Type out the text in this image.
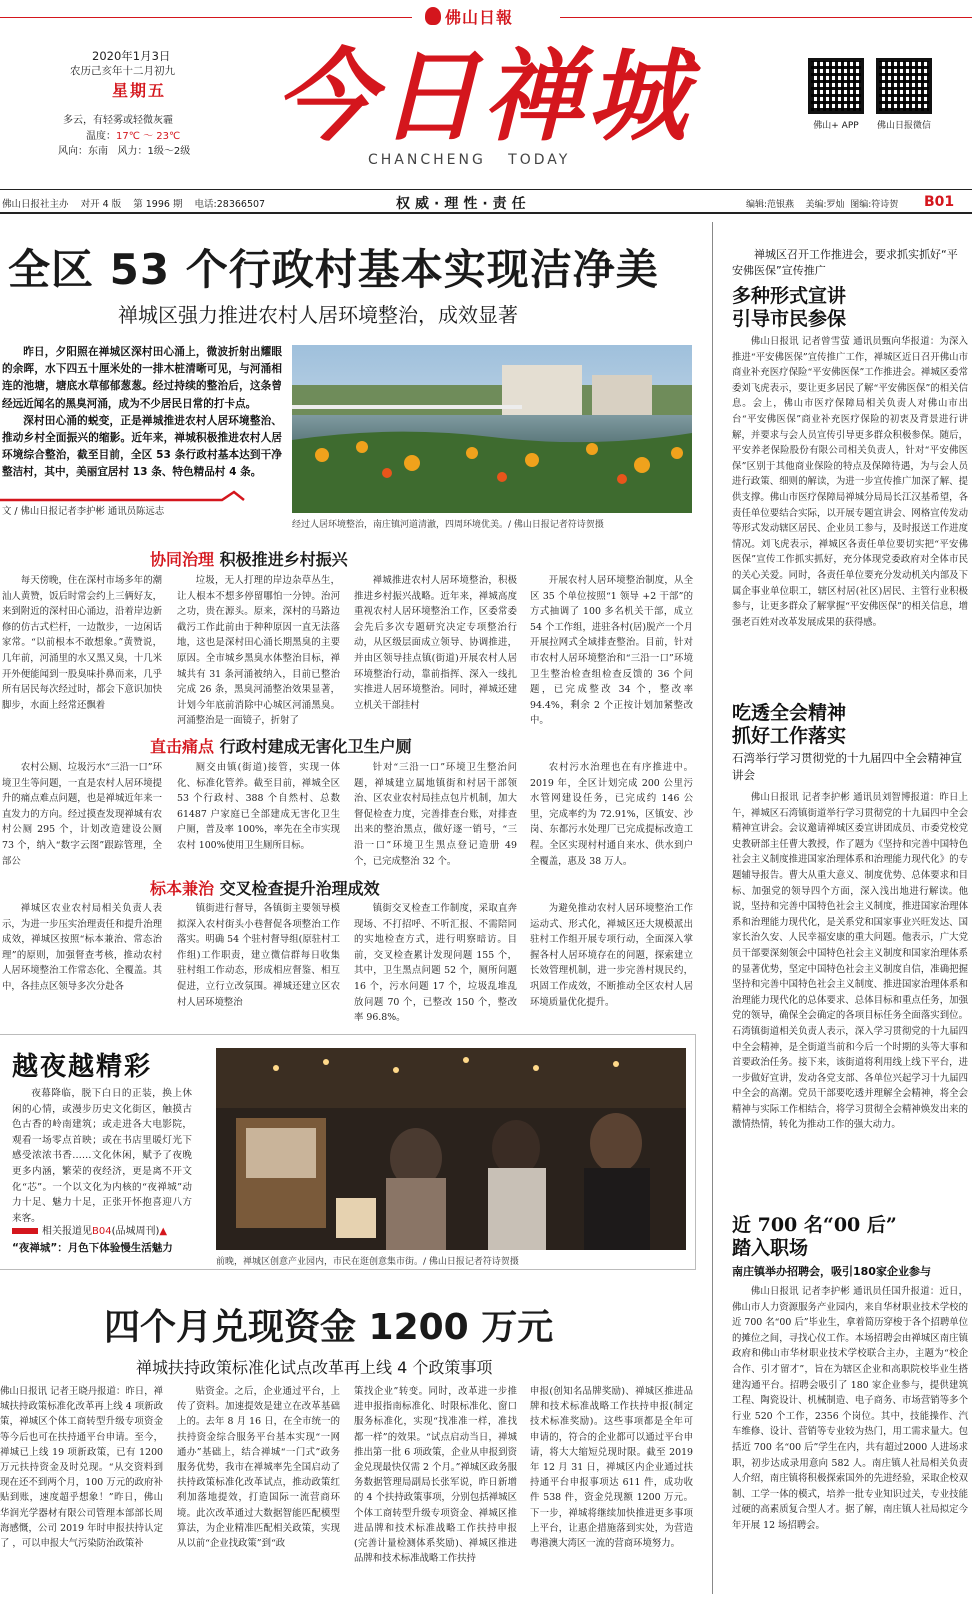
佛山日報
2020年1月3日
农历己亥年十二月初九
星期五
多云，有轻雾或轻微灰霾
温度：17℃ ～ 23℃
风向：东南   风力：1级～2级 今日禅城
CHANCHENG   TODAY
佛山+ APP	佛山日报微信
佛山日报社主办    对开 4 版    第 1996 期    电话:28366507	权威·理性·责任	编辑:范银燕    美编:罗灿  图编:符诗贺 B01
全区 53 个行政村基本实现洁净美
禅城区强力推进农村人居环境整治，成效显著

昨日，夕阳照在禅城区深村田心涌上，微波折射出耀眼的余晖，水下四五十厘米处的一排木桩清晰可见，与河涌相连的池塘，塘底水草郁郁葱葱。经过持续的整治后，这条曾经远近闻名的黑臭河涌，成为不少居民日常的打卡点。

深村田心涌的蜕变，正是禅城推进农村人居环境整治、推动乡村全面振兴的缩影。近年来，禅城积极推进农村人居环境综合整治，截至目前，全区 53 条行政村基本达到干净整洁村，其中，美丽宜居村 13 条、特色精品村 4 条。

文 / 佛山日报记者李护彬 通讯员陈远志
经过人居环境整治，南庄镇河道清澈，四周环境优美。/ 佛山日报记者符诗贺摄
协同治理 积极推进乡村振兴
每天傍晚，住在深村市场多年的潮汕人黄赞，饭后时常会约上三俩好友，来到附近的深村田心涌边，沿着岸边新修的仿古式栏杆，一边散步，一边闲话家常。“以前根本不敢想象。”黄赞说，几年前，河涌里的水又黑又臭，十几米开外便能闻到一股臭味扑鼻而来，几乎所有居民每次经过时，都会下意识加快脚步，水面上经常还飘着
垃圾，无人打理的岸边杂草丛生，让人根本不想多停留哪怕一分钟。治河之功，贵在源头。原来，深村的马路边截污工作此前由于种种原因一直无法落地，这也是深村田心涌长期黑臭的主要原因。全市城乡黑臭水体整治目标，禅城共有 31 条河涌被纳入，目前已整治完成 26 条，黑臭河涌整治效果显著，计划今年底前消除中心城区河涌黑臭。河涌整治是一面镜子，折射了
禅城推进农村人居环境整治，积极推进乡村振兴战略。近年来，禅城高度重视农村人居环境整治工作，区委常委会先后多次专题研究决定专项整治行动，从区级层面成立领导、协调推进，并由区领导挂点镇(街道)开展农村人居环境整治行动，靠前指挥、深入一线扎实推进人居环境整治。同时，禅城还建立机关干部挂村
开展农村人居环境整治制度，从全区 35 个单位按照“1 领导 +2 干部”的方式抽调了 100 多名机关干部，成立 54 个工作组，进驻各村(居)脱产一个月开展拉网式全域排查整治。目前，针对市农村人居环境整治和“三沿一口”环境卫生整治检查组检查反馈的 36 个问题，已完成整改 34 个，整改率 94.4%，剩余 2 个正按计划加紧整改中。
直击痛点 行政村建成无害化卫生户厕
农村公厕、垃圾污水“三沿一口”环境卫生等问题，一直是农村人居环境提升的痛点难点问题，也是禅城近年来一直发力的方向。经过摸查发现禅城有农村公厕 295 个，计划改造建设公厕 73 个，纳入“数字云图”跟踪管理，全部公
厕交由镇(街道)接管，实现一体化、标准化管养。截至目前，禅城全区 53 个行政村、388 个自然村、总数 61487 户家庭已全部建成无害化卫生户厕，普及率 100%，率先在全市实现农村 100%使用卫生厕所目标。
针对“三沿一口”环境卫生整治问题，禅城建立属地镇街和村居干部领治、区农业农村局挂点包片机制，加大督促检查力度，完善排查台账，对排查出来的整治黑点，做好逐一销号，“三沿一口”环境卫生黑点登记造册 49 个，已完成整治 32 个。
农村污水治理也在有序推进中。2019 年，全区计划完成 200 公里污水管网建设任务，已完成约 146 公里，完成率约为 72.91%，区镇安、沙岗、东都污水处理厂已完成提标改造工程。全区实现村村通自来水、供水到户全覆盖，惠及 38 万人。
标本兼治 交叉检查提升治理成效
禅城区农业农村局相关负责人表示，为进一步压实治理责任和提升治理成效，禅城区按照“标本兼治、常态治理”的原则，加强督查考核，推动农村人居环境整治工作常态化、全覆盖。其中，各挂点区领导多次分赴各
镇街进行督导，各镇街主要领导模拟深入农村街头小巷督促各项整治工作落实。明确 54 个驻村督导组(原驻村工作组)工作职责，建立微信群每日收集驻村组工作动态，形成相应督鉴、相互促进，立行立改氛围。禅城还建立区农村人居环境整治
镇街交叉检查工作制度，采取直奔现场、不打招呼、不听汇报、不需陪同的实地检查方式，进行明察暗访。目前，交叉检查累计发现问题 155 个，其中，卫生黑点问题 52 个，厕所问题 16 个，污水问题 17 个，垃圾乱堆乱放问题 70 个，已整改 150 个，整改率 96.8%。
为避免推动农村人居环境整治工作运动式、形式化，禅城区还大规模派出驻村工作组开展专项行动，全面深入掌握各村人居环境存在的问题，探索建立长效管理机制，进一步完善村规民约，巩固工作成效，不断推动全区农村人居环境质量优化提升。
越夜越精彩
夜幕降临，脱下白日的正装，换上休闲的心情，或漫步历史文化街区，触摸古色古香的岭南建筑；或走进各大电影院，观看一场零点首映；或在书店里暖灯光下感受浓浓书香……文化休闲，赋予了夜晚更多内涵，繁荣的夜经济，更是离不开文化“芯”。一个以文化为内核的“夜禅城”动力十足、魅力十足，正张开怀抱喜迎八方来客。
相关报道见B04(品城周刊)▲
“夜禅城”：月色下体验慢生活魅力
前晚，禅城区创意产业园内，市民在逛创意集市街。/ 佛山日报记者符诗贺摄
四个月兑现资金 1200 万元
禅城扶持政策标准化试点改革再上线 4 个政策事项
佛山日报讯 记者王晓丹报道：昨日，禅城扶持政策标准化改革再上线 4 项新政策，禅城区个体工商转型升级专项资金等今后也可在扶持通平台申请。至今，禅城已上线 19 项新政策，已有 1200 万元扶持资金及时兑现。“从交资料到现在还不到两个月，100 万元的政府补贴到账，速度超乎想象！”昨日，佛山华润光学器材有限公司管理本部部长周海感慨，公司 2019 年时申报扶持认定了 ，可以申报大气污染防治政策补
贴资金。之后，企业通过平台，上传了资料。加速提效是建立在改革基础上的。去年 8 月 16 日，在全市统一的扶持资金综合服务平台基本实现“一网通办”基础上，结合禅城“一门式”政务服务优势，我市在禅城率先全国启动了扶持政策标准化改革试点，推动政策红利加落地提效，打造国际一流营商环境。此次改革通过大数据智能匹配模型算法，为企业精准匹配相关政策，实现从以前“企业找政策”到“政
策找企业”转变。同时，改革进一步推进申报指南标准化、时限标准化、窗口服务标准化，实现“找准准一样，准找都一样”的效果。“试点启动当日，禅城推出第一批 6 项政策，企业从申报到资金兑现最快仅需 2 个月。”禅城区政务服务数据管理局副局长张军说，昨日新增的 4 个扶持政策事项，分别包括禅城区个体工商转型升级专项资金、禅城区推进品牌和技术标准战略工作扶持申报(完善计量检测体系奖励)、禅城区推进品牌和技术标准战略工作扶持
申报(创知名品牌奖励)、禅城区推进品牌和技术标准战略工作扶持申报(制定技术标准奖励)。这些事项都是全年可申请的，符合的企业都可以通过平台申请，将大大缩短兑现时限。截至 2019 年 12 月 31 日，禅城区内企业通过扶持通平台申报事项达 611 件，成功收件 538 件，资金兑现额 1200 万元。下一步，禅城将继续加快推进更多事项上平台，让惠企措施落到实处，为营造粤港澳大湾区一流的营商环境努力。
禅城区召开工作推进会，要求抓实抓好“平安佛医保”宣传推广
多种形式宣讲
引导市民参保
佛山日报讯 记者曾雪萤 通讯员甄向华报道：为深入推进“平安佛医保”宣传推广工作，禅城区近日召开佛山市商业补充医疗保险“平安佛医保”工作推进会。禅城区委常委刘飞虎表示，要让更多居民了解“平安佛医保”的相关信息。会上，佛山市医疗保障局相关负责人对佛山市出台“平安佛医保”商业补充医疗保险的初衷及背景进行讲解，并要求与会人员宣传引导更多群众积极参保。随后，平安养老保险股份有限公司相关负责人，针对“平安佛医保”区别于其他商业保险的特点及保障待遇，为与会人员进行政策、细则的解读，为进一步宣传推广加深了解、提供支撑。佛山市医疗保障局禅城分局局长江汉基希望，各责任单位要结合实际，以开展专题宣讲会、网格宣传发动等形式发动辖区居民、企业员工参与，及时报送工作进度情况。刘飞虎表示，禅城区各责任单位要切实把“平安佛医保”宣传工作抓实抓好，充分体现党委政府对全体市民的关心关爱。同时，各责任单位要充分发动机关内部及下属企事业单位职工，辖区村居(社区)居民、主管行业积极参与，让更多群众了解掌握“平安佛医保”的相关信息，增强老百姓对改革发展成果的获得感。
吃透全会精神
抓好工作落实
石湾举行学习贯彻党的十九届四中全会精神宣讲会
佛山日报讯 记者李护彬 通讯员刘智博报道：昨日上午，禅城区石湾镇街道举行学习贯彻党的十九届四中全会精神宣讲会。会议邀请禅城区委宣讲团成员、市委党校党史教研部主任曹大教授，作了题为《坚持和完善中国特色社会主义制度推进国家治理体系和治理能力现代化》的专题辅导报告。曹大从重大意义、制度优势、总体要求和目标、加强党的领导四个方面，深入浅出地进行解读。他说，坚持和完善中国特色社会主义制度，推进国家治理体系和治理能力现代化，是关系党和国家事业兴旺发达、国家长治久安、人民幸福安康的重大问题。他表示，广大党员干部要深刻领会中国特色社会主义制度和国家治理体系的显著优势，坚定中国特色社会主义制度自信，准确把握坚持和完善中国特色社会主义制度、推进国家治理体系和治理能力现代化的总体要求、总体目标和重点任务，加强党的领导，确保全会确定的各项目标任务全面落实到位。石湾镇街道相关负责人表示，深入学习贯彻党的十九届四中全会精神，是全街道当前和今后一个时期的头等大事和首要政治任务。接下来，该街道将利用线上线下平台，进一步做好宣讲，发动各党支部、各单位兴起学习十九届四中全会的高潮。党员干部要吃透并理解全会精神，将全会精神与实际工作相结合，将学习贯彻全会精神焕发出来的激情热情，转化为推动工作的强大动力。
近 700 名“00 后”
踏入职场
南庄镇举办招聘会，吸引180家企业参与
佛山日报讯 记者李护彬 通讯员任国升报道：近日，佛山市人力资源服务产业园内，来自华材职业技术学校的近 700 名“00 后”毕业生，拿着简历穿梭于各个招聘单位的摊位之间，寻找心仪工作。本场招聘会由禅城区南庄镇政府和佛山市华材职业技术学校联合主办，主题为“校企合作、引才留才”，旨在为辖区企业和高职院校毕业生搭建沟通平台。招聘会吸引了 180 家企业参与，提供建筑工程、陶瓷设计、机械制造、电子商务、市场营销等多个行业 520 个工作，2356 个岗位。其中，技能操作、汽车维修、设计、营销等专业较为热门，用工需求量大。包括近 700 名“00 后”学生在内，共有超过2000 人进场求职，初步达成录用意向 582 人。南庄镇人社局相关负责人介绍，南庄镇将积极探索国外的先进经验，采取企校双制、工学一体的模式，培养一批专业知识过关，专业技能过硬的高素质复合型人才。据了解，南庄镇人社局拟定今年开展 12 场招聘会。
